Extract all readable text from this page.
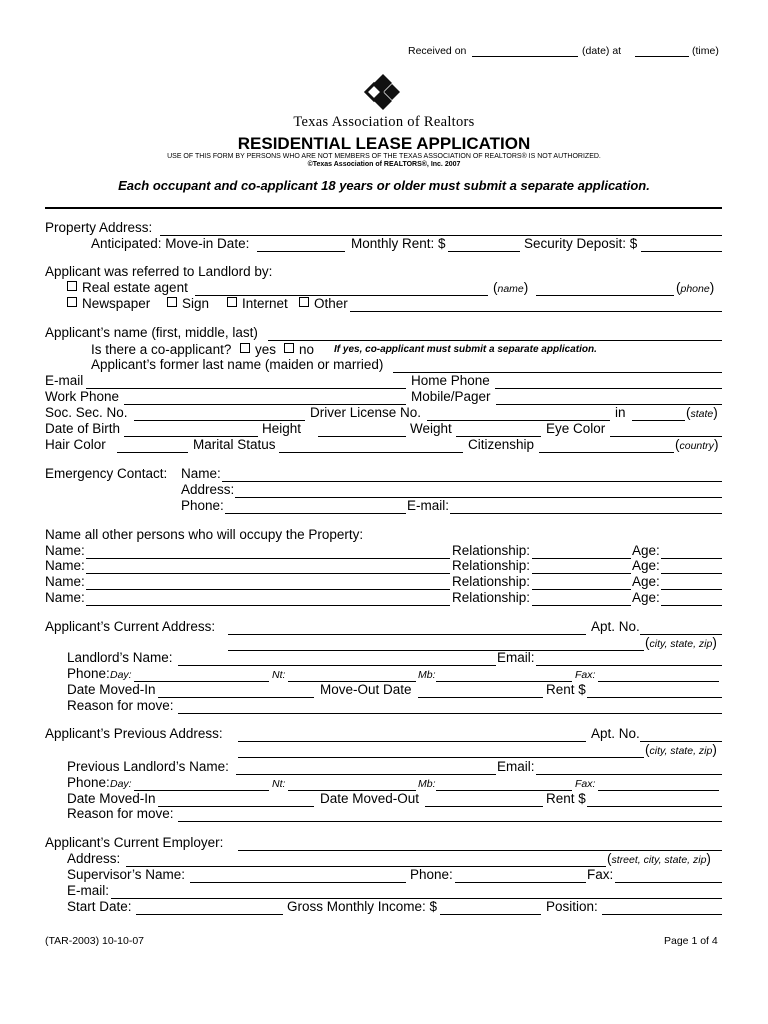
Received on	(date) at	(time)
Texas Association of Realtors
RESIDENTIAL LEASE APPLICATION
USE OF THIS FORM BY PERSONS WHO ARE NOT MEMBERS OF THE TEXAS ASSOCIATION OF REALTORS® IS NOT AUTHORIZED.
©Texas Association of REALTORS®, Inc. 2007
Each occupant and co-applicant 18 years or older must submit a separate application.
Property Address:
Anticipated: Move-in Date:	Monthly Rent: $	Security Deposit: $
Applicant was referred to Landlord by:
Real estate agent	(name)	(phone)
Newspaper	Sign	Internet	Other
Applicant’s name (first, middle, last)
Is there a co-applicant?	yes	no If yes, co-applicant must submit a separate application.
Applicant’s former last name (maiden or married)
E-mail	Home Phone
Work Phone	Mobile/Pager
Soc. Sec. No.	Driver License No.	in	(state)
Date of Birth	Height	Weight	Eye Color
Hair Color	Marital Status	Citizenship	(country)
Emergency Contact: Name:
Address:
Phone:	E-mail:
Name all other persons who will occupy the Property:
Name:	Relationship:	Age:
Name:	Relationship:	Age:
Name:	Relationship:	Age:
Name:	Relationship:	Age:
Applicant’s Current Address:	Apt. No.
(city, state, zip)
Landlord’s Name:	Email:
Phone: Day:	Nt:	Mb:	Fax:
Date Moved-In	Move-Out Date	Rent $
Reason for move:
Applicant’s Previous Address:	Apt. No.
(city, state, zip)
Previous Landlord’s Name:	Email:
Phone: Day:	Nt:	Mb:	Fax:
Date Moved-In	Date Moved-Out	Rent $
Reason for move:
Applicant’s Current Employer:
Address:	(street, city, state, zip)
Supervisor’s Name:	Phone:	Fax:
E-mail:
Start Date:	Gross Monthly Income: $	Position:
(TAR-2003) 10-10-07	Page 1 of 4
